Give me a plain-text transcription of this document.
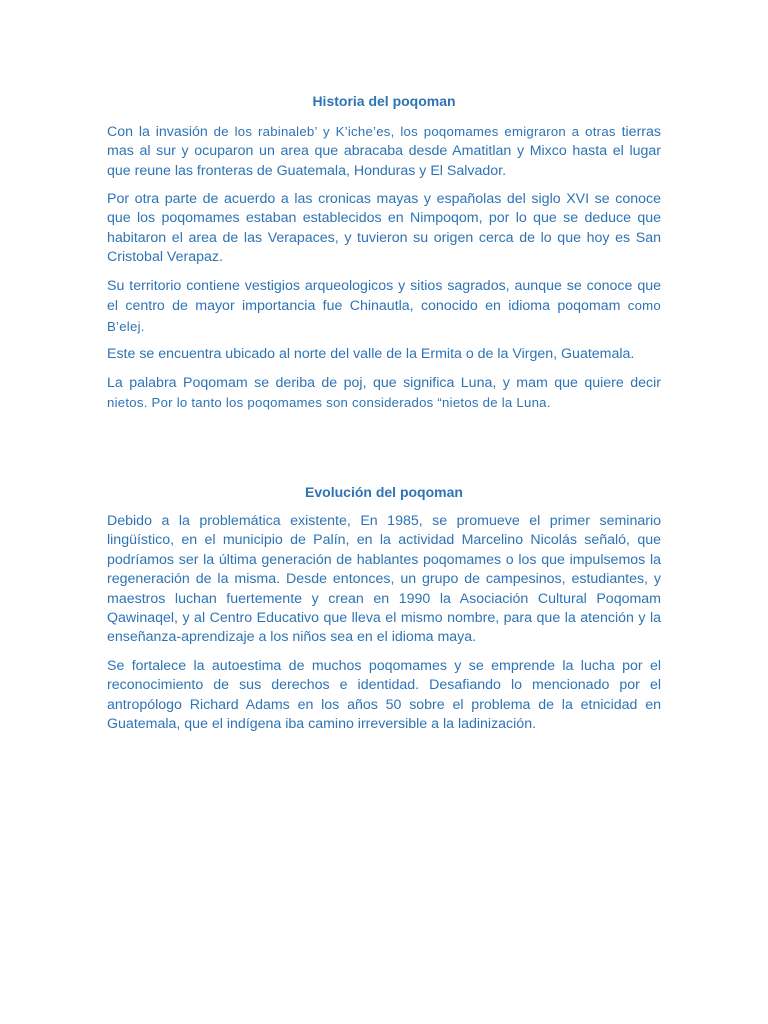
Historia del poqoman

Con la invasión de los rabinaleb’ y K’iche’es, los poqomames emigraron a otras tierras mas al sur y ocuparon un area que abracaba desde Amatitlan y Mixco hasta el lugar que reune las fronteras de Guatemala, Honduras y El Salvador.

Por otra parte de acuerdo a las cronicas mayas y españolas del siglo XVI se conoce que los poqomames estaban establecidos en Nimpoqom, por lo que se deduce que habitaron el area de las Verapaces, y tuvieron su origen cerca de lo que hoy es San Cristobal Verapaz.

Su territorio contiene vestigios arqueologicos y sitios sagrados, aunque se conoce que el centro de mayor importancia fue Chinautla, conocido en idioma poqomam como B’elej.

Este se encuentra ubicado al norte del valle de la Ermita o de la Virgen, Guatemala.

La palabra Poqomam se deriba de poj, que significa Luna, y mam que quiere decir nietos. Por lo tanto los poqomames son considerados “nietos de la Luna.

Evolución del poqoman

Debido a la problemática existente, En 1985, se promueve el primer seminario lingüístico, en el municipio de Palín, en la actividad Marcelino Nicolás señaló, que podríamos ser la última generación de hablantes poqomames o los que impulsemos la regeneración de la misma. Desde entonces, un grupo de campesinos, estudiantes, y maestros luchan fuertemente y crean en 1990 la Asociación Cultural Poqomam Qawinaqel, y al Centro Educativo que lleva el mismo nombre, para que la atención y la enseñanza-aprendizaje a los niños sea en el idioma maya.

Se fortalece la autoestima de muchos poqomames y se emprende la lucha por el reconocimiento de sus derechos e identidad. Desafiando lo mencionado por el antropólogo Richard Adams en los años 50 sobre el problema de la etnicidad en Guatemala, que el indígena iba camino irreversible a la ladinización.
